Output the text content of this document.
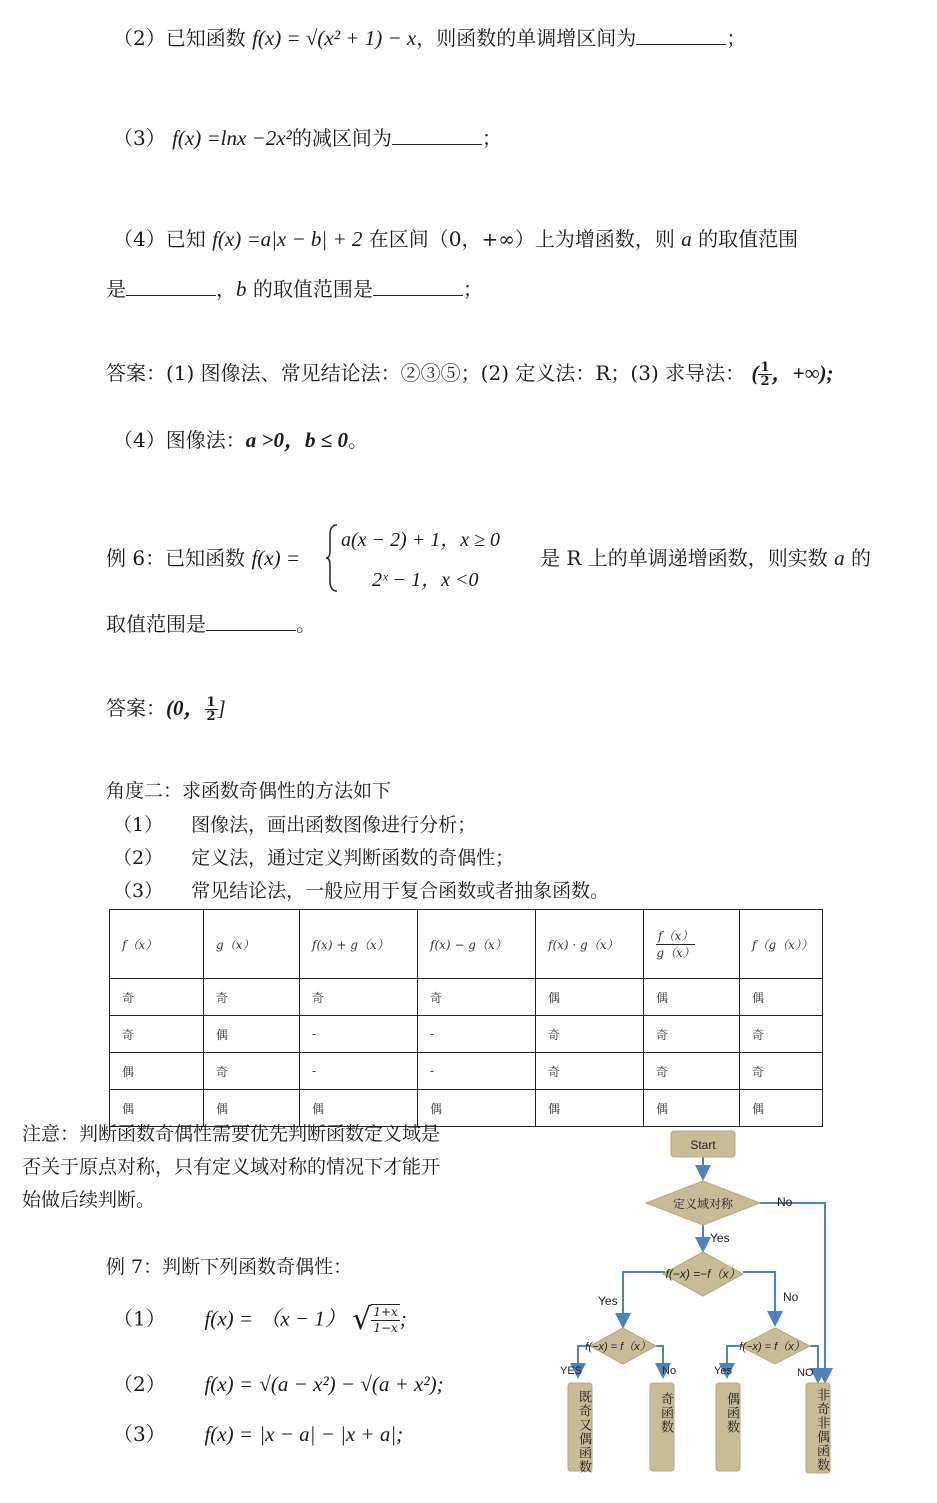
（2）已知函数 f(x) = √(x² + 1) − x，则函数的单调增区间为	；
（3） f(x) =lnx −2x²的减区间为	；
（4）已知 f(x) =a|x − b| + 2 在区间（0，+∞）上为增函数，则 a 的取值范围
是	，b 的取值范围是	；
答案：(1) 图像法、常见结论法：②③⑤；(2) 定义法：R；(3) 求导法： ( $\frac{1}{2}$ ，+∞);
（4）图像法：a >0，b ≤ 0。
例 6：已知函数 f(x) =
a(x − 2) + 1，x ≥ 0
2ˣ − 1，x <0
是 R 上的单调递增函数，则实数 a 的
取值范围是	。
答案：(0， $\frac{1}{2}$ ]
角度二：求函数奇偶性的方法如下
（1） 图像法，画出函数图像进行分析；
（2） 定义法，通过定义判断函数的奇偶性；
（3） 常见结论法，一般应用于复合函数或者抽象函数。
f（x）	g（x）	f(x) + g（x）	f(x) − g（x）	f(x) · g（x）	$\frac{f(x)}{g(x)}$	f（g（x））
奇	奇	奇	奇	偶	偶	偶
奇	偶	-	-	奇	奇	奇
偶	奇	-	-	奇	奇	奇
偶	偶	偶	偶	偶	偶	偶
注意：判断函数奇偶性需要优先判断函数定义域是
否关于原点对称，只有定义域对称的情况下才能开
始做后续判断。
例 7：判断下列函数奇偶性：
（1） f(x) = （x − 1） √ $\frac{1+x}{1-x}$ ;
（2） f(x) = √(a − x²) − √(a + x²);
（3） f(x) = |x − a| − |x + a|;
Start
定义域对称	No
Yes
f(−x) =−f（x）
Yes	No
f(−x) = f（x）
YES	No
f(−x) = f（x）
Yes	NO
既奇又偶函数	奇函数	偶函数	非奇非偶函数
